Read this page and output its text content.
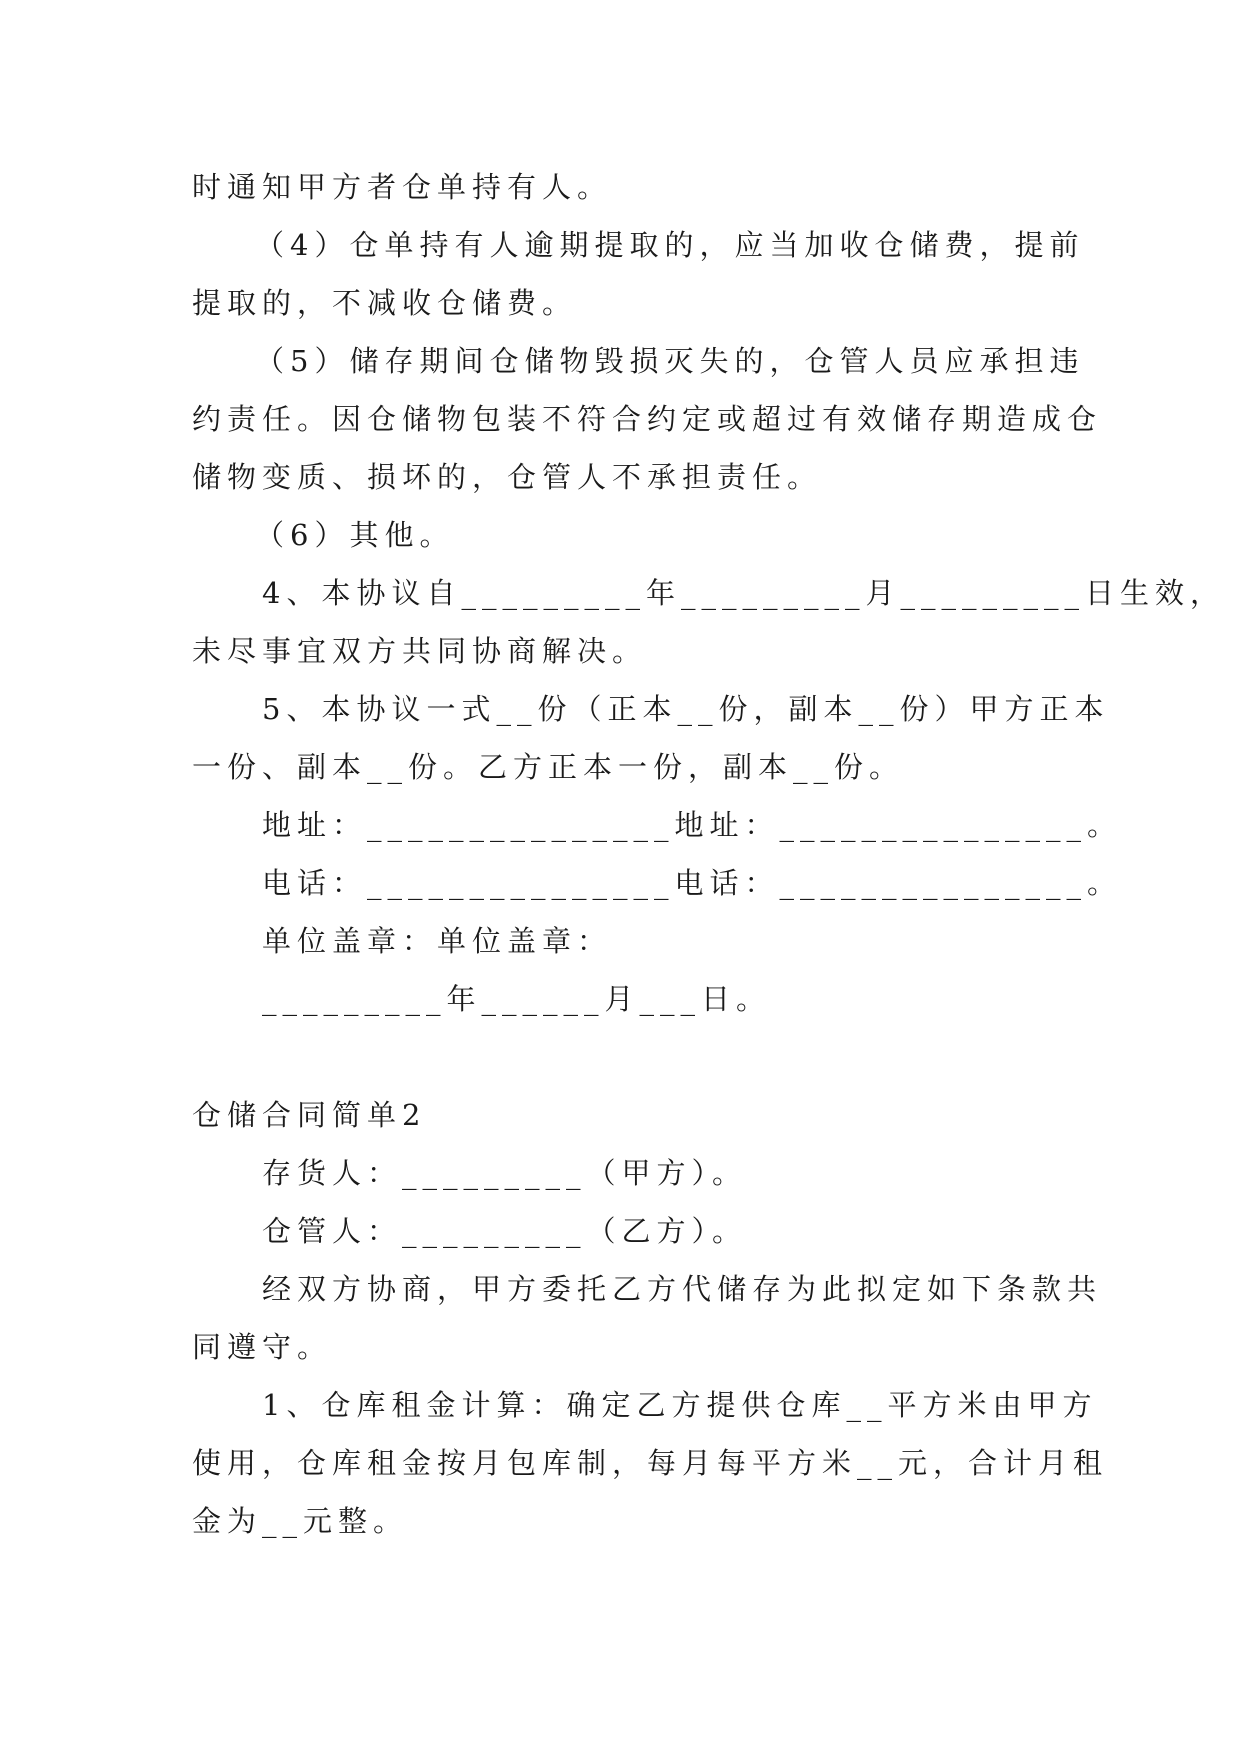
时通知甲方者仓单持有人。
（4）仓单持有人逾期提取的，应当加收仓储费，提前
提取的，不减收仓储费。
（5）储存期间仓储物毁损灭失的，仓管人员应承担违
约责任。因仓储物包装不符合约定或超过有效储存期造成仓
储物变质、损坏的，仓管人不承担责任。
（6）其他。
4、本协议自_________年_________月_________日生效，
未尽事宜双方共同协商解决。
5、本协议一式__份（正本__份，副本__份）甲方正本
一份、副本__份。乙方正本一份，副本__份。
地址：_______________地址：_______________。
电话：_______________电话：_______________。
单位盖章：单位盖章：
_________年______月___日。
仓储合同简单2
存货人：_________（甲方）。
仓管人：_________（乙方）。
经双方协商，甲方委托乙方代储存为此拟定如下条款共
同遵守。
1、仓库租金计算：确定乙方提供仓库__平方米由甲方
使用，仓库租金按月包库制，每月每平方米__元，合计月租
金为__元整。
